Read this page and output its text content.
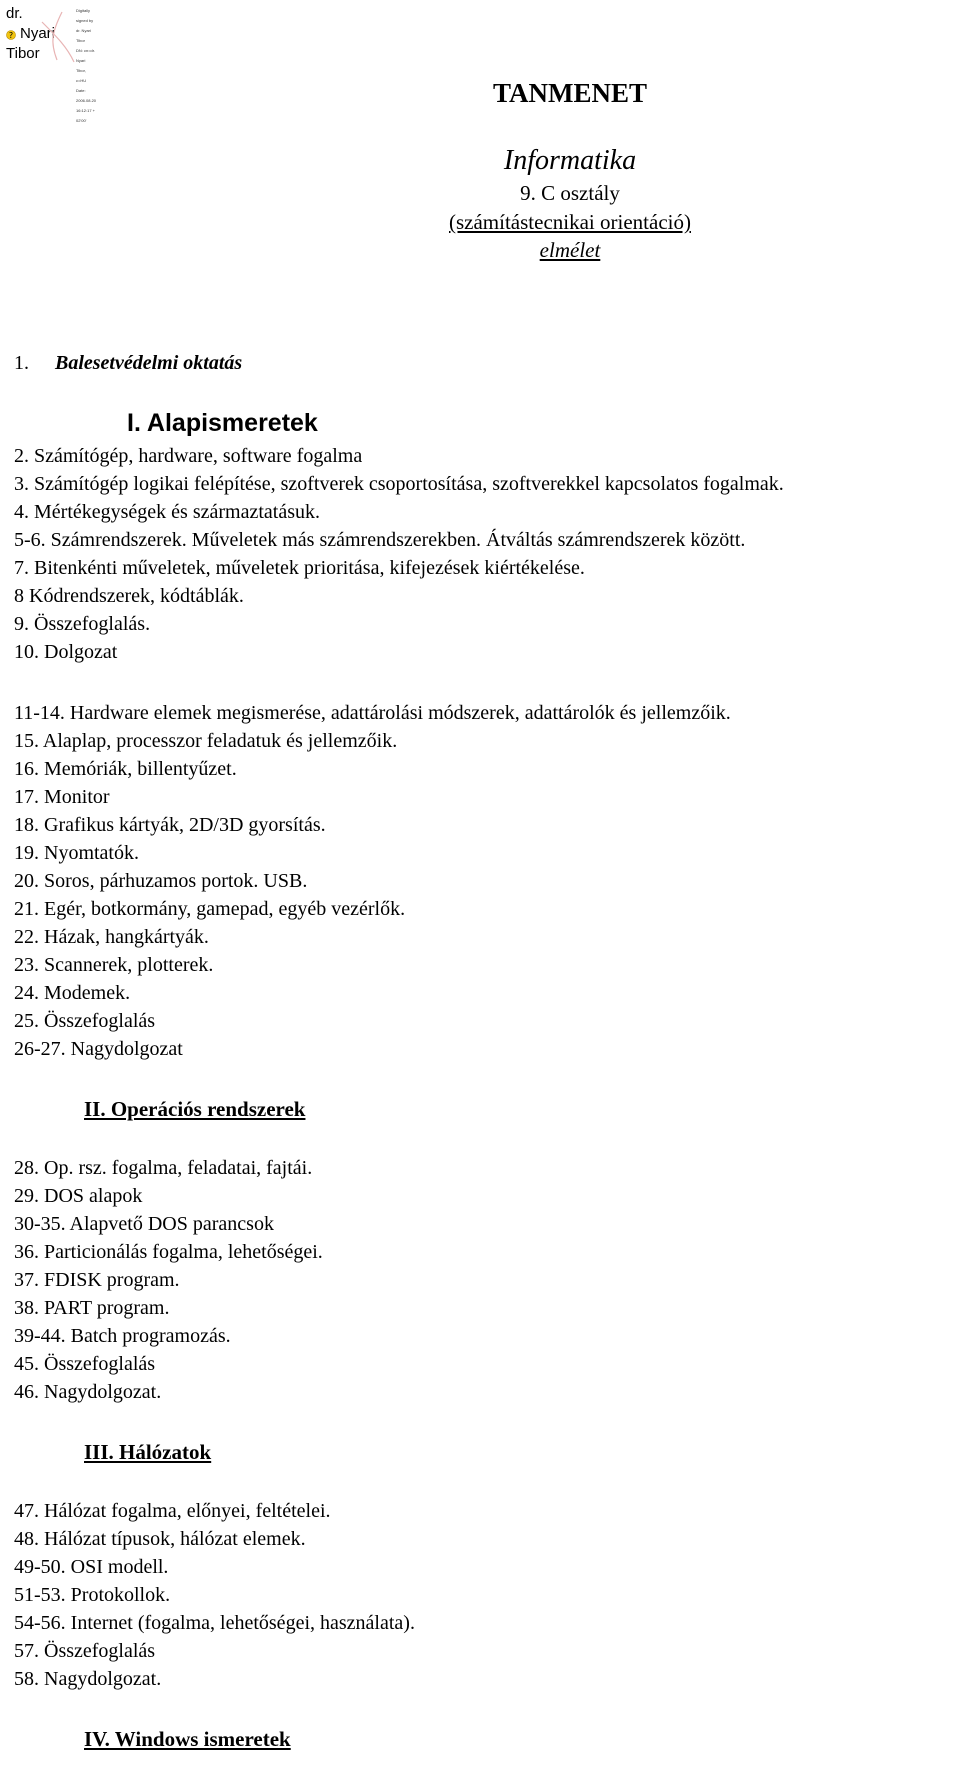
dr.
Nyari
Tibor
?

Digitally

signed by

dr. Nyari

Tibor

DN: cn=dr.

Nyari

Tibor,

c=HU

Date:

2006.08.20

16:12:17 +

02'00'

TANMENET
Informatika
9. C osztály
(számítástecnikai orientáció)
elmélet
1. Balesetvédelmi oktatás
I. Alapismeretek
2. Számítógép, hardware, software fogalma
3. Számítógép logikai felépítése, szoftverek csoportosítása, szoftverekkel kapcsolatos fogalmak.
4. Mértékegységek és származtatásuk.
5-6. Számrendszerek. Műveletek más számrendszerekben. Átváltás számrendszerek között.
7. Bitenkénti műveletek, műveletek prioritása, kifejezések kiértékelése.
8 Kódrendszerek, kódtáblák.
9. Összefoglalás.
10. Dolgozat
11-14. Hardware elemek megismerése, adattárolási módszerek, adattárolók és jellemzőik.
15. Alaplap, processzor feladatuk és jellemzőik.
16. Memóriák, billentyűzet.
17. Monitor
18. Grafikus kártyák, 2D/3D gyorsítás.
19. Nyomtatók.
20. Soros, párhuzamos portok. USB.
21. Egér, botkormány, gamepad, egyéb vezérlők.
22. Házak, hangkártyák.
23. Scannerek, plotterek.
24. Modemek.
25. Összefoglalás
26-27. Nagydolgozat
II. Operációs rendszerek
28. Op. rsz. fogalma, feladatai, fajtái.
29. DOS alapok
30-35. Alapvető DOS parancsok
36. Particionálás fogalma, lehetőségei.
37. FDISK program.
38. PART program.
39-44. Batch programozás.
45. Összefoglalás
46. Nagydolgozat.
III. Hálózatok
47. Hálózat fogalma, előnyei, feltételei.
48. Hálózat típusok, hálózat elemek.
49-50. OSI modell.
51-53. Protokollok.
54-56. Internet (fogalma, lehetőségei, használata).
57. Összefoglalás
58. Nagydolgozat.
IV. Windows ismeretek
